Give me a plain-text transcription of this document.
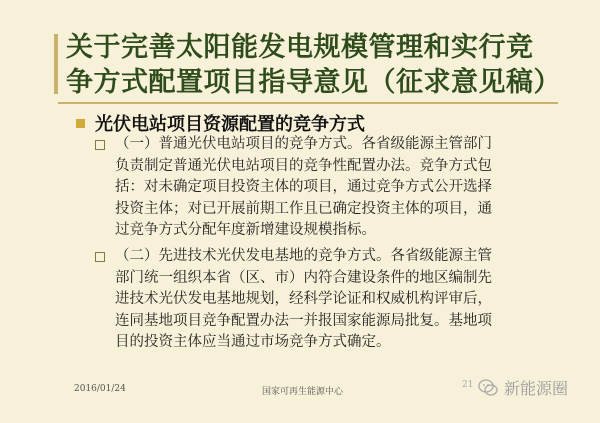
关于完善太阳能发电规模管理和实行竞
争方式配置项目指导意见（征求意见稿）
光伏电站项目资源配置的竞争方式
（一）普通光伏电站项目的竞争方式。各省级能源主管部门
负责制定普通光伏电站项目的竞争性配置办法。竞争方式包
括：对未确定项目投资主体的项目，通过竞争方式公开选择
投资主体；对已开展前期工作且已确定投资主体的项目，通
过竞争方式分配年度新增建设规模指标。
（二）先进技术光伏发电基地的竞争方式。各省级能源主管
部门统一组织本省（区、市）内符合建设条件的地区编制先
进技术光伏发电基地规划，经科学论证和权威机构评审后，
连同基地项目竞争配置办法一并报国家能源局批复。基地项
目的投资主体应当通过市场竞争方式确定。
2016/01/24	国家可再生能源中心
21 新能源圈
